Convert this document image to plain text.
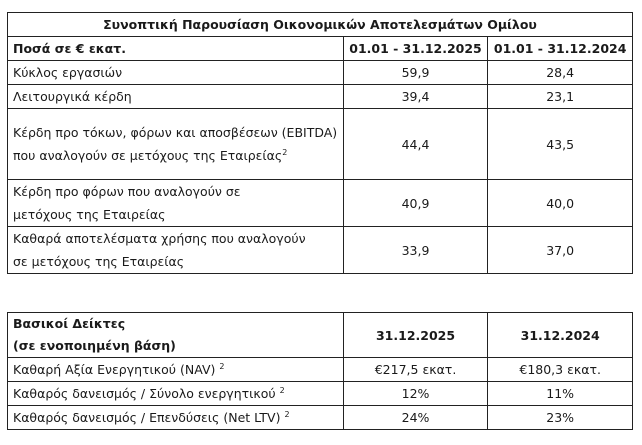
Συνοπτική Παρουσίαση Οικονομικών Αποτελεσμάτων Ομίλου		
Ποσά σε € εκατ.	01.01 - 31.12.2025	01.01 - 31.12.2024
Κύκλος εργασιών	59,9	28,4
Λειτουργικά κέρδη	39,4	23,1
Κέρδη προ τόκων, φόρων και αποσβέσεων (EBITDA) που αναλογούν σε μετόχους της Εταιρείας$^2$	44,4	43,5
Κέρδη προ φόρων που αναλογούν σε μετόχους της Εταιρείας	40,9	40,0
Καθαρά αποτελέσματα χρήσης που αναλογούν σε μετόχους της Εταιρείας	33,9	37,0
Βασικοί Δείκτες
(σε ενοποιημένη βάση)	31.12.2025	31.12.2024
Καθαρή Αξία Ενεργητικού (NAV) $^2$	€217,5 εκατ.	€180,3 εκατ.
Καθαρός δανεισμός / Σύνολο ενεργητικού $^2$	12%	11%
Καθαρός δανεισμός / Επενδύσεις (Net LTV) $^2$	24%	23%
